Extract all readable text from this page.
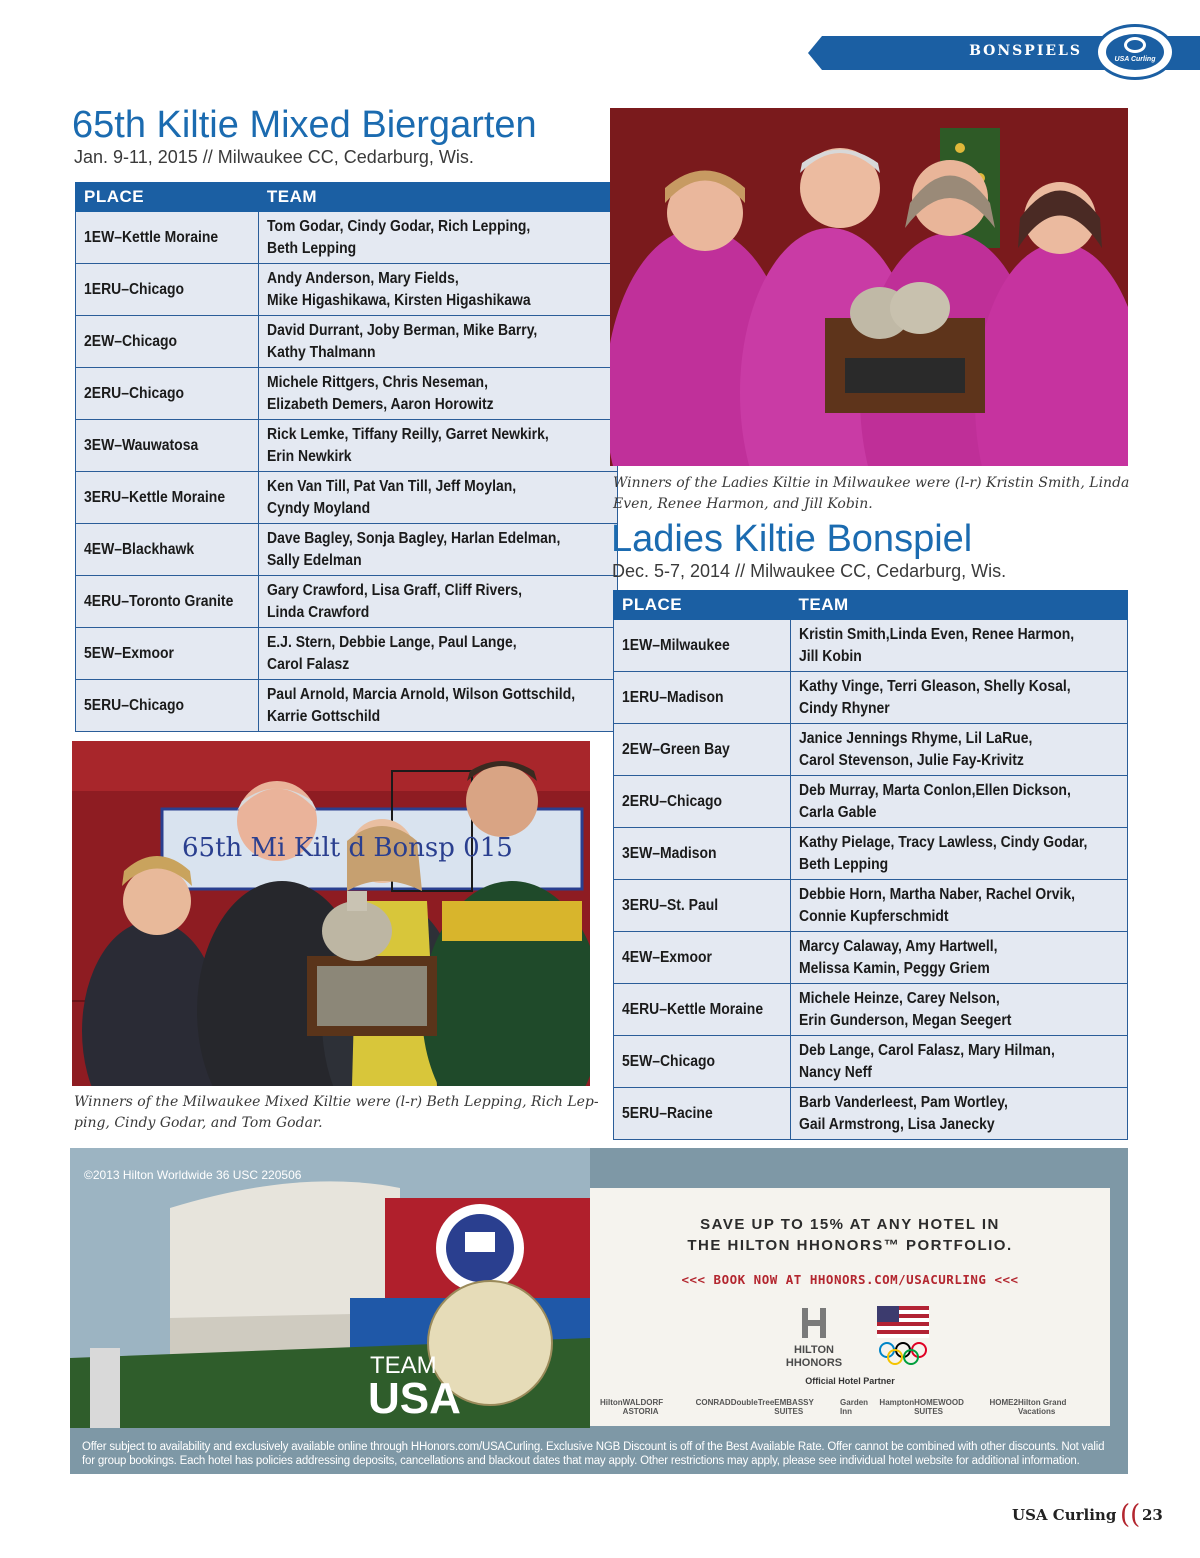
BONSPIELS
USA Curling
65th Kiltie Mixed Biergarten
Jan. 9-11, 2015 // Milwaukee CC, Cedarburg, Wis.
PLACE	TEAM
1EW–Kettle Moraine	Tom Godar, Cindy Godar, Rich Lepping,
Beth Lepping

1ERU–Chicago	Andy Anderson, Mary Fields,
Mike Higashikawa, Kirsten Higashikawa

2EW–Chicago	David Durrant, Joby Berman, Mike Barry,
Kathy Thalmann

2ERU–Chicago	Michele Rittgers, Chris Neseman,
Elizabeth Demers, Aaron Horowitz

3EW–Wauwatosa	Rick Lemke, Tiffany Reilly, Garret Newkirk,
Erin Newkirk

3ERU–Kettle Moraine	Ken Van Till, Pat Van Till, Jeff Moylan,
Cyndy Moyland

4EW–Blackhawk	Dave Bagley, Sonja Bagley, Harlan Edelman,
Sally Edelman

4ERU–Toronto Granite	Gary Crawford, Lisa Graff, Cliff Rivers,
Linda Crawford

5EW–Exmoor	E.J. Stern, Debbie Lange, Paul Lange,
Carol Falasz

5ERU–Chicago	Paul Arnold, Marcia Arnold, Wilson Gottschild,
Karrie Gottschild
65th Mi Kilt d Bonsp 015
Winners of the Milwaukee Mixed Kiltie were (l-r) Beth Lepping, Rich Lep-
ping, Cindy Godar, and Tom Godar.
Winners of the Ladies Kiltie in Milwaukee were (l-r) Kristin Smith, Linda
Even, Renee Harmon, and Jill Kobin.
Ladies Kiltie Bonspiel
Dec. 5-7, 2014 // Milwaukee CC, Cedarburg, Wis.
PLACE	TEAM
1EW–Milwaukee	Kristin Smith,Linda Even, Renee Harmon,
Jill Kobin

1ERU–Madison	Kathy Vinge, Terri Gleason, Shelly Kosal,
Cindy Rhyner

2EW–Green Bay	Janice Jennings Rhyme, Lil LaRue,
Carol Stevenson, Julie Fay-Krivitz

2ERU–Chicago	Deb Murray, Marta Conlon,Ellen Dickson,
Carla Gable

3EW–Madison	Kathy Pielage, Tracy Lawless, Cindy Godar,
Beth Lepping

3ERU–St. Paul	Debbie Horn, Martha Naber, Rachel Orvik,
Connie Kupferschmidt

4EW–Exmoor	Marcy Calaway, Amy Hartwell,
Melissa Kamin, Peggy Griem

4ERU–Kettle Moraine	Michele Heinze, Carey Nelson,
Erin Gunderson, Megan Seegert

5EW–Chicago	Deb Lange, Carol Falasz, Mary Hilman,
Nancy Neff

5ERU–Racine	Barb Vanderleest, Pam Wortley,
Gail Armstrong, Lisa Janecky
TEAM
USA
©2013 Hilton Worldwide 36 USC 220506
SAVE UP TO 15% AT ANY HOTEL IN
THE HILTON HHONORS™ PORTFOLIO.
<<< BOOK NOW AT HHONORS.COM/USACURLING <<<
HILTON
HHONORS
Official Hotel Partner
Hilton WALDORF ASTORIA
CONRAD DoubleTree EMBASSY SUITES
Garden Inn
Hampton HOMEWOOD SUITES
HOME2 Hilton Grand Vacations
Offer subject to availability and exclusively available online through HHonors.com/USACurling. Exclusive NGB Discount is off of the Best Available Rate. Offer cannot be combined with other discounts. Not valid
for group bookings. Each hotel has policies addressing deposits, cancellations and blackout dates that may apply. Other restrictions may apply, please see individual hotel website for additional information.
USA Curling (( 23
